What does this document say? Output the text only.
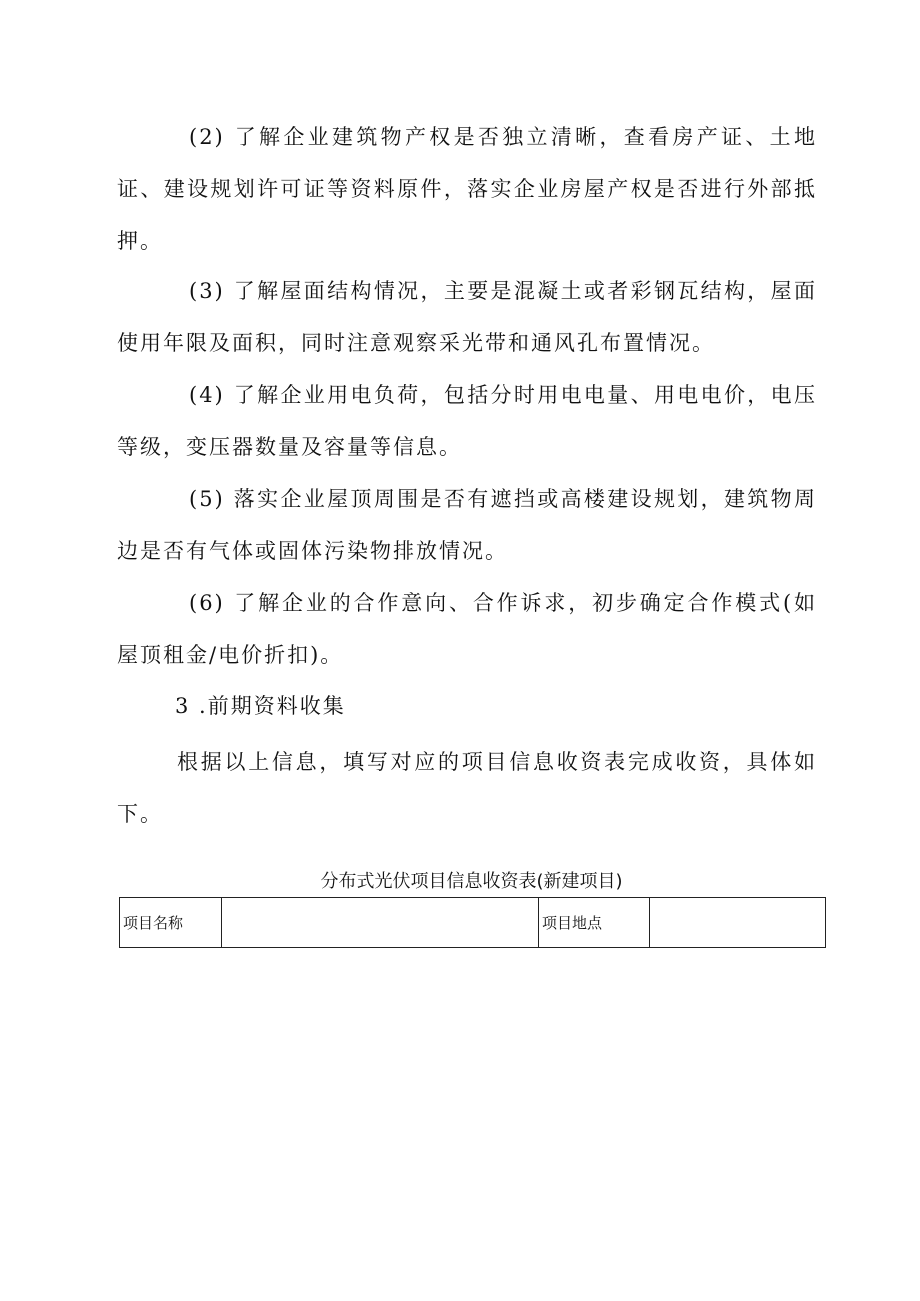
(2) 了解企业建筑物产权是否独立清晰，查看房产证、土地证、建设规划许可证等资料原件，落实企业房屋产权是否进行外部抵押。

(3) 了解屋面结构情况，主要是混凝土或者彩钢瓦结构，屋面使用年限及面积，同时注意观察采光带和通风孔布置情况。

(4) 了解企业用电负荷，包括分时用电电量、用电电价，电压等级，变压器数量及容量等信息。

(5) 落实企业屋顶周围是否有遮挡或高楼建设规划，建筑物周边是否有气体或固体污染物排放情况。

(6) 了解企业的合作意向、合作诉求，初步确定合作模式(如屋顶租金/电价折扣)。

3 .前期资料收集

根据以上信息，填写对应的项目信息收资表完成收资，具体如下。

分布式光伏项目信息收资表(新建项目)

项目名称		项目地点	
